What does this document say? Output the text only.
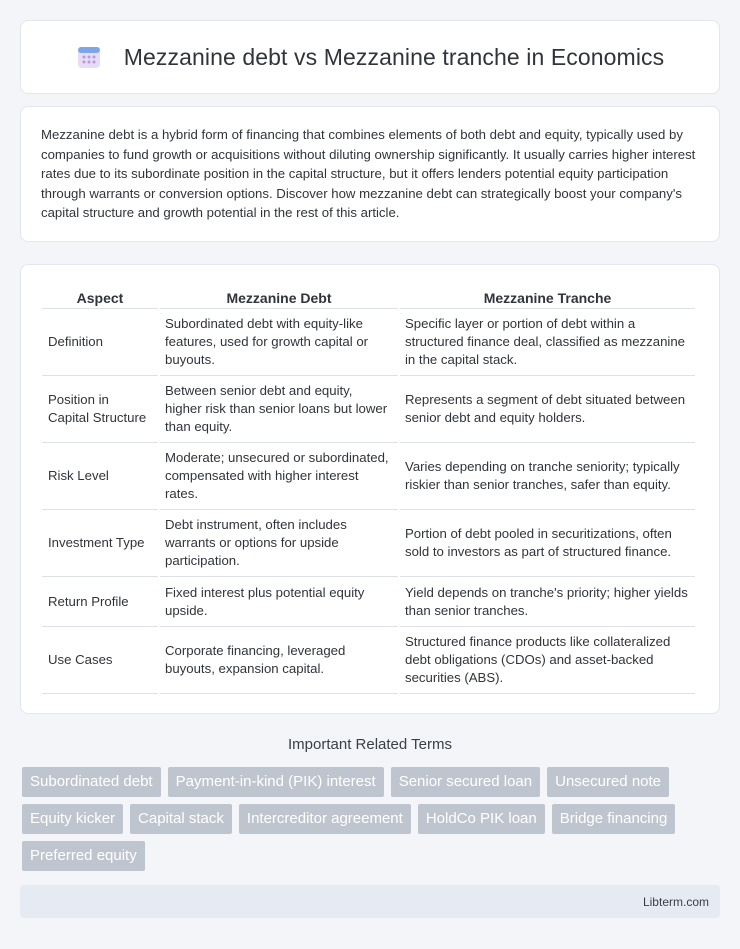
Mezzanine debt vs Mezzanine tranche in Economics

Mezzanine debt is a hybrid form of financing that combines elements of both debt and equity, typically used by companies to fund growth or acquisitions without diluting ownership significantly. It usually carries higher interest rates due to its subordinate position in the capital structure, but it offers lenders potential equity participation through warrants or conversion options. Discover how mezzanine debt can strategically boost your company's capital structure and growth potential in the rest of this article.

Aspect	Mezzanine Debt	Mezzanine Tranche
Definition	Subordinated debt with equity-like features, used for growth capital or buyouts.	Specific layer or portion of debt within a structured finance deal, classified as mezzanine in the capital stack.
Position in Capital Structure	Between senior debt and equity, higher risk than senior loans but lower than equity.	Represents a segment of debt situated between senior debt and equity holders.
Risk Level	Moderate; unsecured or subordinated, compensated with higher interest rates.	Varies depending on tranche seniority; typically riskier than senior tranches, safer than equity.
Investment Type	Debt instrument, often includes warrants or options for upside participation.	Portion of debt pooled in securitizations, often sold to investors as part of structured finance.
Return Profile	Fixed interest plus potential equity upside.	Yield depends on tranche's priority; higher yields than senior tranches.
Use Cases	Corporate financing, leveraged buyouts, expansion capital.	Structured finance products like collateralized debt obligations (CDOs) and asset-backed securities (ABS).
Important Related Terms
Subordinated debt	Payment-in-kind (PIK) interest	Senior secured loan	Unsecured note
Equity kicker	Capital stack	Intercreditor agreement	HoldCo PIK loan	Bridge financing
Preferred equity
Libterm.com
